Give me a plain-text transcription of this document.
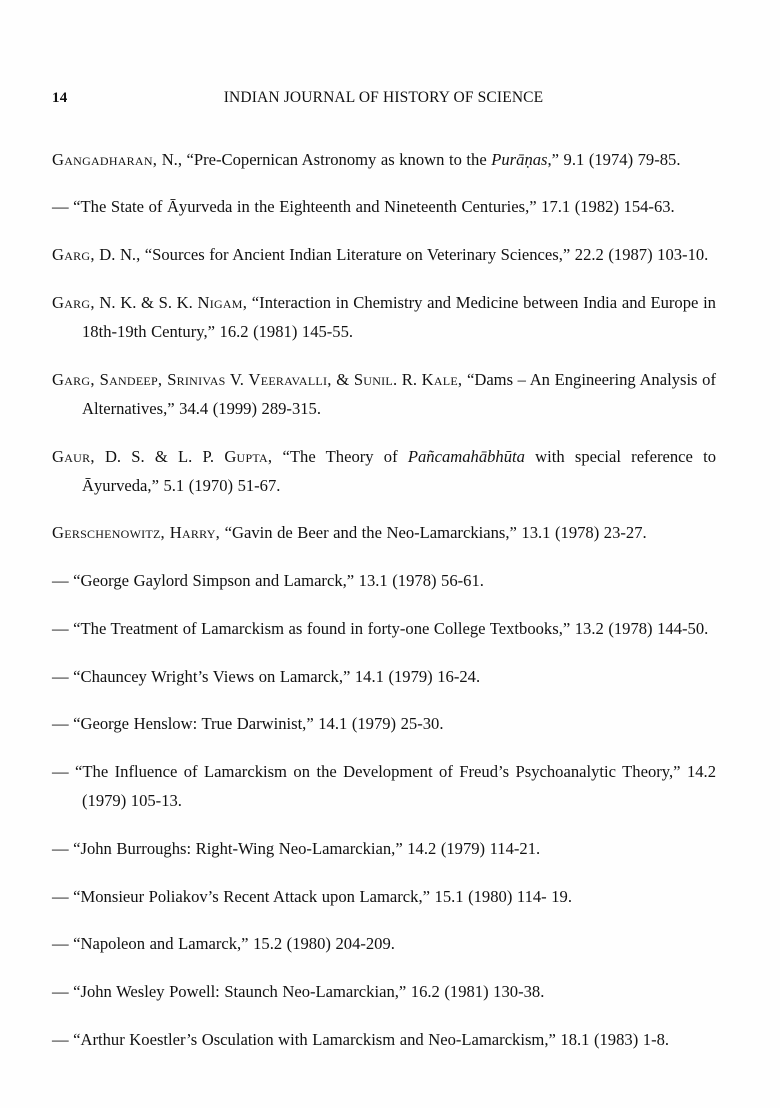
14	INDIAN JOURNAL OF HISTORY OF SCIENCE

Gangadharan, N., “Pre-Copernican Astronomy as known to the Purāṇas,” 9.1 (1974) 79-85.

— “The State of Āyurveda in the Eighteenth and Nineteenth Centuries,” 17.1 (1982) 154-63.

Garg, D. N., “Sources for Ancient Indian Literature on Veterinary Sciences,” 22.2 (1987) 103-10.

Garg, N. K. & S. K. Nigam, “Interaction in Chemistry and Medicine between India and Europe in 18th-19th Century,” 16.2 (1981) 145-55.

Garg, Sandeep, Srinivas V. Veeravalli, & Sunil. R. Kale, “Dams – An Engineering Analysis of Alternatives,” 34.4 (1999) 289-315.

Gaur, D. S. & L. P. Gupta, “The Theory of Pañcamahābhūta with special reference to Āyurveda,” 5.1 (1970) 51-67.

Gerschenowitz, Harry, “Gavin de Beer and the Neo-Lamarckians,” 13.1 (1978) 23-27.

— “George Gaylord Simpson and Lamarck,” 13.1 (1978) 56-61.

— “The Treatment of Lamarckism as found in forty-one College Textbooks,” 13.2 (1978) 144-50.

— “Chauncey Wright’s Views on Lamarck,” 14.1 (1979) 16-24.

— “George Henslow: True Darwinist,” 14.1 (1979) 25-30.

— “The Influence of Lamarckism on the Development of Freud’s Psychoanalytic Theory,” 14.2 (1979) 105-13.

— “John Burroughs: Right-Wing Neo-Lamarckian,” 14.2 (1979) 114-21.

— “Monsieur Poliakov’s Recent Attack upon Lamarck,” 15.1 (1980) 114- 19.

— “Napoleon and Lamarck,” 15.2 (1980) 204-209.

— “John Wesley Powell: Staunch Neo-Lamarckian,” 16.2 (1981) 130-38.

— “Arthur Koestler’s Osculation with Lamarckism and Neo-Lamarckism,” 18.1 (1983) 1-8.
